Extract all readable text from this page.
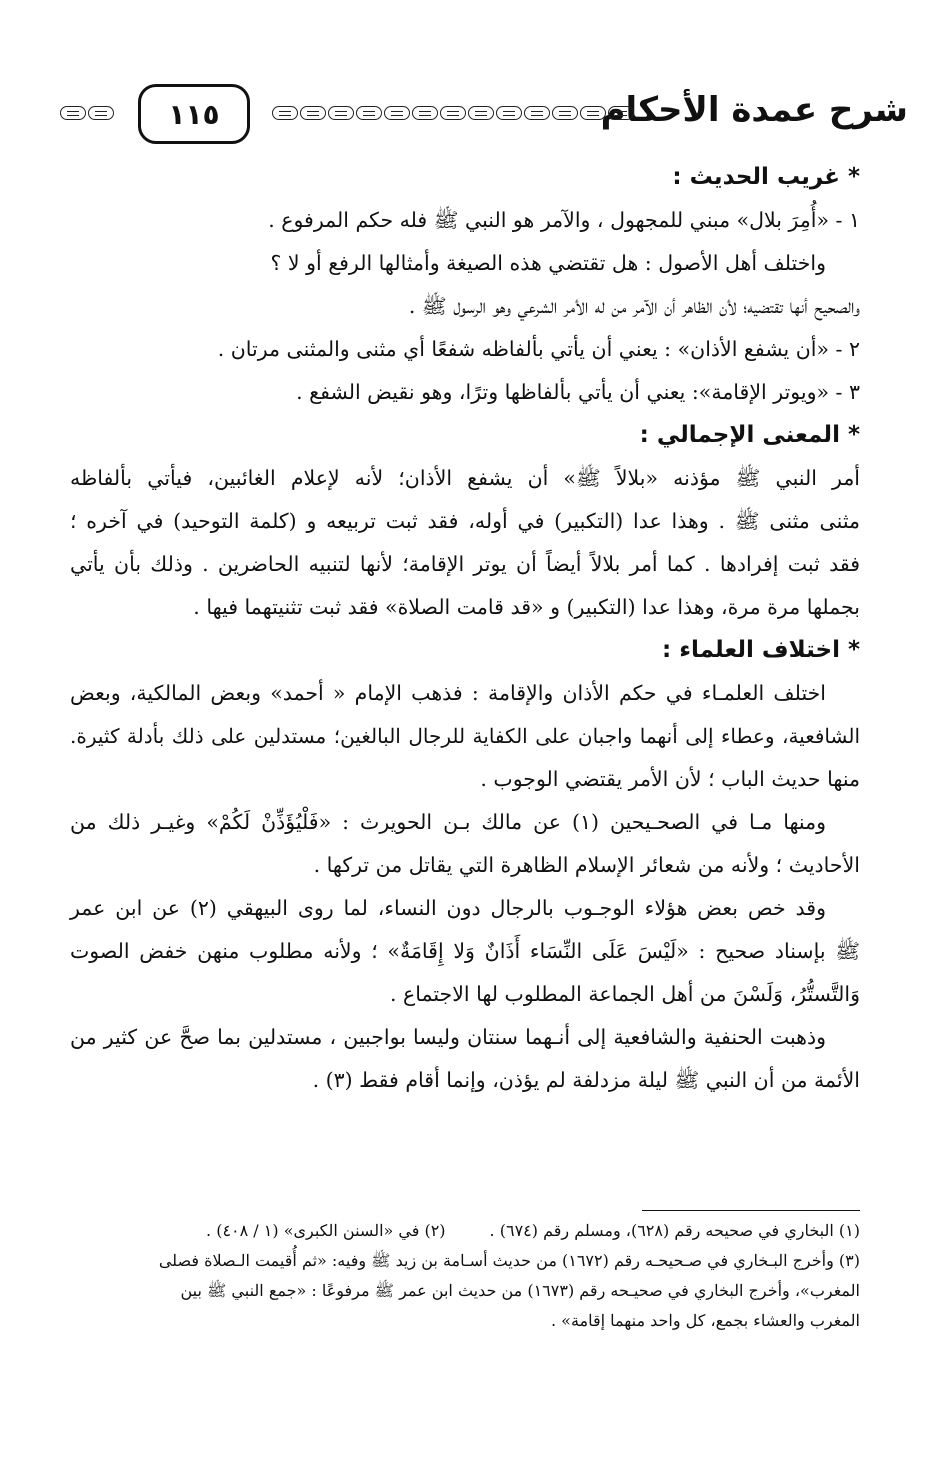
شرح عمدة الأحكام
١١٥
* غريب الحديث :
١ - «أُمِرَ بلال» مبني للمجهول ، والآمر هو النبي ﷺ فله حكم المرفوع .
واختلف أهل الأصول : هل تقتضي هذه الصيغة وأمثالها الرفع أو لا ؟
والصحيح أنها تقتضيه؛ لأن الظاهر أن الآمر من له الأمر الشرعي وهو الرسول ﷺ .
٢ - «أن يشفع الأذان» : يعني أن يأتي بألفاظه شفعًا أي مثنى والمثنى مرتان .
٣ - «ويوتر الإقامة»: يعني أن يأتي بألفاظها وترًا، وهو نقيض الشفع .
* المعنى الإجمالي :
أمر النبي ﷺ مؤذنه «بلالاً ﷺ» أن يشفع الأذان؛ لأنه لإعلام الغائبين، فيأتي بألفاظه
مثنى مثنى ﷺ . وهذا عدا (التكبير) في أوله، فقد ثبت تربيعه و (كلمة التوحيد) في آخره ؛
فقد ثبت إفرادها . كما أمر بلالاً أيضاً أن يوتر الإقامة؛ لأنها لتنبيه الحاضرين . وذلك بأن يأتي
بجملها مرة مرة، وهذا عدا (التكبير) و «قد قامت الصلاة» فقد ثبت تثنيتهما فيها .
* اختلاف العلماء :
اختلف العلمـاء في حكم الأذان والإقامة : فذهب الإمام « أحمد» وبعض المالكية، وبعض
الشافعية، وعطاء إلى أنهما واجبان على الكفاية للرجال البالغين؛ مستدلين على ذلك بأدلة كثيرة.
منها حديث الباب ؛ لأن الأمر يقتضي الوجوب .
ومنها مـا في الصحـيحين (١) عن مالك بـن الحويرث : «فَلْيُؤَذِّنْ لَكُمْ» وغيـر ذلك من
الأحاديث ؛ ولأنه من شعائر الإسلام الظاهرة التي يقاتل من تركها .
وقد خص بعض هؤلاء الوجـوب بالرجال دون النساء، لما روى البيهقي (٢) عن ابن عمر
ﷺ بإسناد صحيح : «لَيْسَ عَلَى النِّسَاء أَذَانٌ وَلا إِقَامَةٌ» ؛ ولأنه مطلوب منهن خفض الصوت
وَالتَّستُّرُ، وَلَسْنَ من أهل الجماعة المطلوب لها الاجتماع .
وذهبت الحنفية والشافعية إلى أنـهما سنتان وليسا بواجبين ، مستدلين بما صحَّ عن كثير من
الأئمة من أن النبي ﷺ ليلة مزدلفة لم يؤذن، وإنما أقام فقط (٣) .
(١) البخاري في صحيحه رقم (٦٢٨)، ومسلم رقم (٦٧٤) .
(٢) في «السنن الكبرى» (١ / ٤٠٨) .
(٣) وأخرج البـخاري في صـحيحـه رقم (١٦٧٢) من حديث أسـامة بن زيد ﷺ وفيه: «ثم أُقيمت الـصلاة فصلى
المغرب»، وأخرج البخاري في صحيـحه رقم (١٦٧٣) من حديث ابن عمر ﷺ مرفوعًا : «جمع النبي ﷺ بين
المغرب والعشاء بجمع، كل واحد منهما إقامة» .
